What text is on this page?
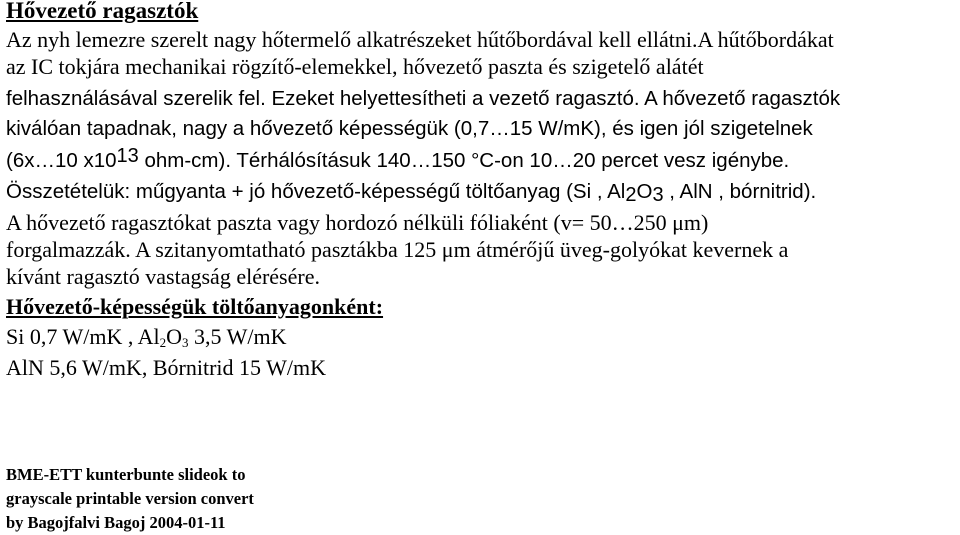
Hővezető ragasztók
Az nyh lemezre szerelt nagy hőtermelő alkatrészeket hűtőbordával kell ellátni.A hűtőbordákat
az IC tokjára mechanikai rögzítő-elemekkel, hővezető paszta és szigetelő alátét
felhasználásával szerelik fel. Ezeket helyettesítheti a vezető ragasztó. A hővezető ragasztók
kiválóan tapadnak, nagy a hővezető képességük (0,7…15 W/mK), és igen jól szigetelnek
(6x…10 $x10^{13}$ ohm-cm). Térhálósításuk 140…150 °C-on 10…20 percet vesz igénybe.
Összetételük: műgyanta + jó hővezető-képességű töltőanyag (Si , Al2O3 , AlN , bórnitrid).
A hővezető ragasztókat paszta vagy hordozó nélküli fóliaként (v= 50…250 μm)
forgalmazzák. A szitanyomtatható pasztákba 125 μm átmérőjű üveg-golyókat kevernek a
kívánt ragasztó vastagság elérésére.
Hővezető-képességük töltőanyagonként:
Si 0,7 W/mK , $Al_2O_3$ 3,5 W/mK
AlN 5,6 W/mK, Bórnitrid 15 W/mK
BME-ETT kunterbunte slideok to
grayscale printable version convert
by Bagojfalvi Bagoj 2004-01-11
